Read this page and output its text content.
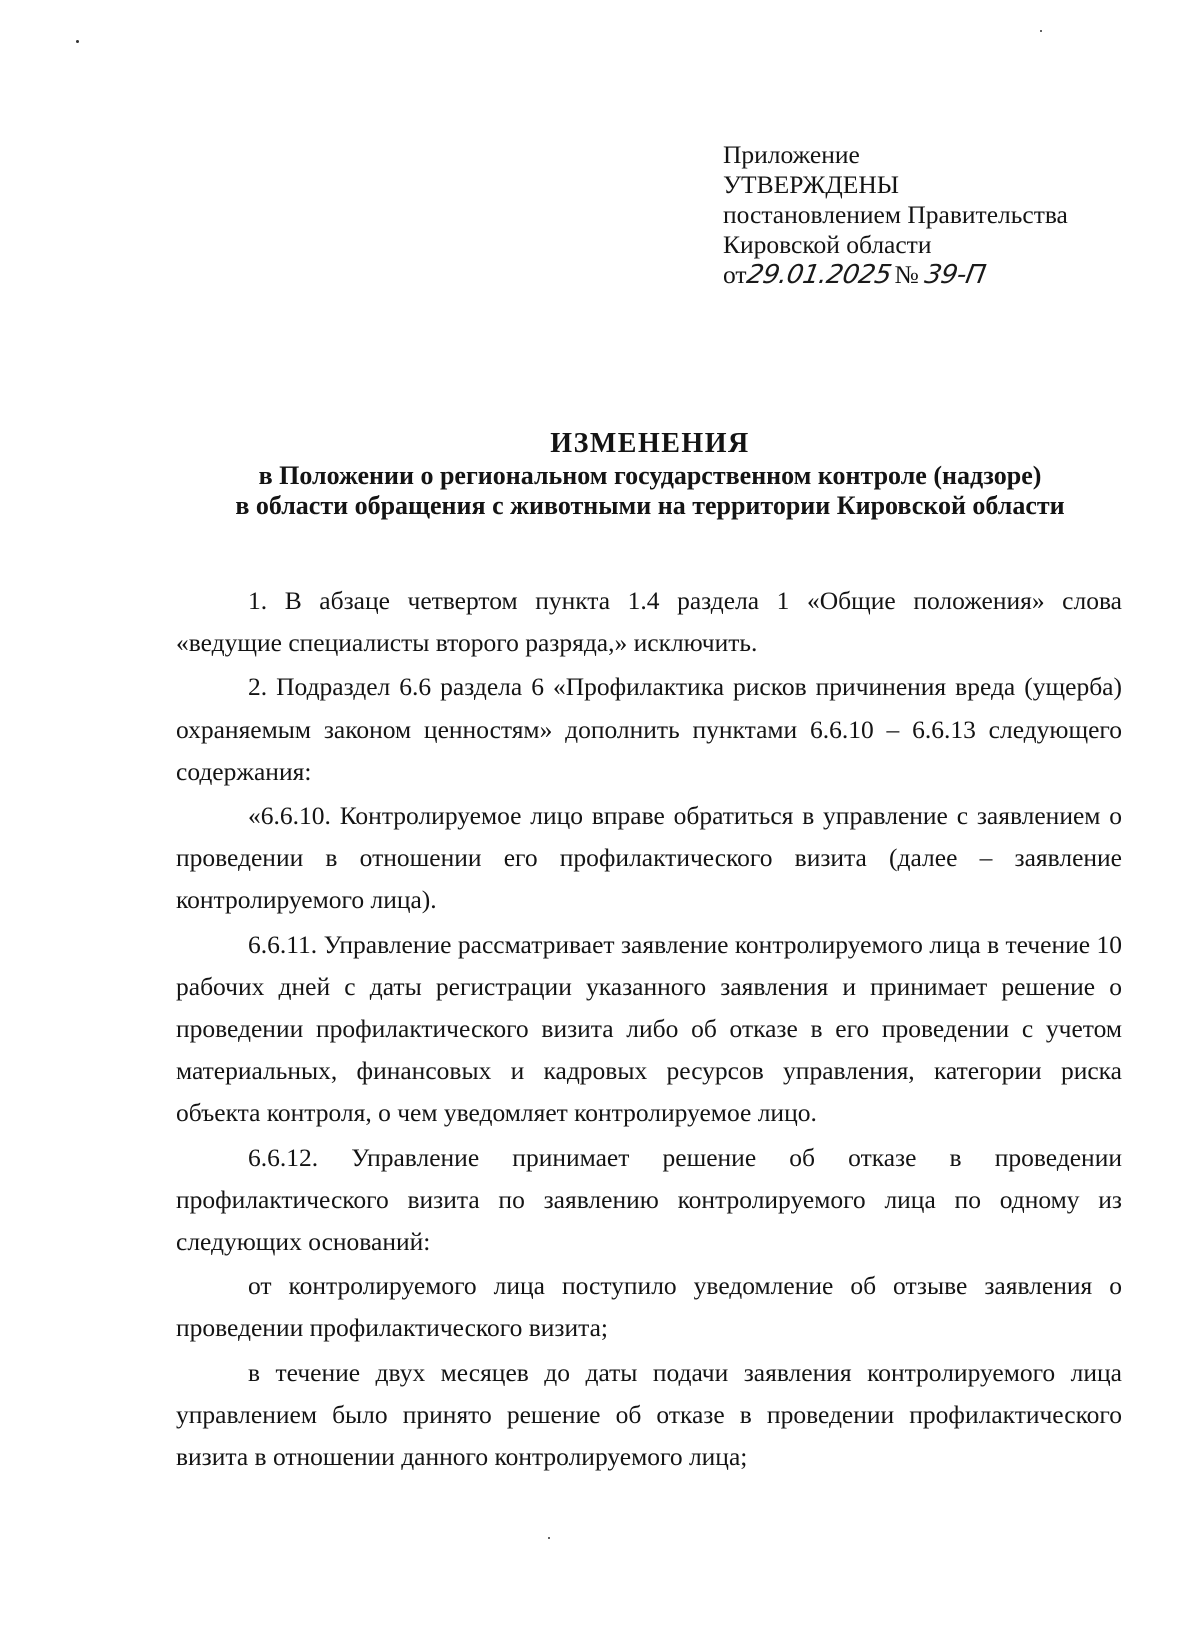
Приложение

УТВЕРЖДЕНЫ

постановлением Правительства

Кировской области

от
29.01.2025 № 39-П
ИЗМЕНЕНИЯ
в Положении о региональном государственном контроле (надзоре)
в области обращения с животными на территории Кировской области

1. В абзаце четвертом пункта 1.4 раздела 1 «Общие положения» слова «ведущие специалисты второго разряда,» исключить.

2. Подраздел 6.6 раздела 6 «Профилактика рисков причинения вреда (ущерба) охраняемым законом ценностям» дополнить пунктами 6.6.10 – 6.6.13 следующего содержания:

«6.6.10. Контролируемое лицо вправе обратиться в управление с заявлением о проведении в отношении его профилактического визита (далее – заявление контролируемого лица).

6.6.11. Управление рассматривает заявление контролируемого лица в течение 10 рабочих дней с даты регистрации указанного заявления и принимает решение о проведении профилактического визита либо об отказе в его проведении с учетом материальных, финансовых и кадровых ресурсов управления, категории риска объекта контроля, о чем уведомляет контролируемое лицо.

6.6.12. Управление принимает решение об отказе в проведении профилактического визита по заявлению контролируемого лица по одному из следующих оснований:

от контролируемого лица поступило уведомление об отзыве заявления о проведении профилактического визита;

в течение двух месяцев до даты подачи заявления контролируемого лица управлением было принято решение об отказе в проведении профилактического визита в отношении данного контролируемого лица;
